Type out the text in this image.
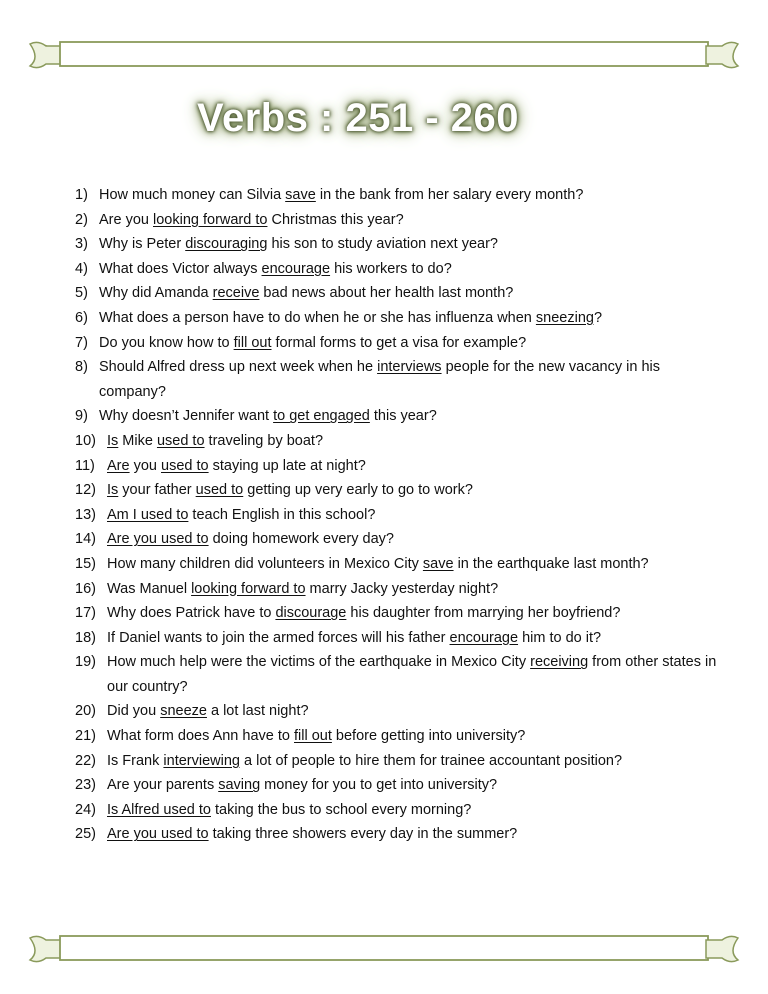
Verbs : 251 - 260
1) How much money can Silvia save in the bank from her salary every month?
2) Are you looking forward to Christmas this year?
3) Why is Peter discouraging his son to study aviation next year?
4) What does Victor always encourage his workers to do?
5) Why did Amanda receive bad news about her health last month?
6) What does a person have to do when he or she has influenza when sneezing?
7) Do you know how to fill out formal forms to get a visa for example?
8) Should Alfred dress up next week when he interviews people for the new vacancy in his company?
9) Why doesn’t Jennifer want to get engaged this year?
10) Is Mike used to traveling by boat?
11) Are you used to staying up late at night?
12) Is your father used to getting up very early to go to work?
13) Am I used to teach English in this school?
14) Are you used to doing homework every day?
15) How many children did volunteers in Mexico City save in the earthquake last month?
16) Was Manuel looking forward to marry Jacky yesterday night?
17) Why does Patrick have to discourage his daughter from marrying her boyfriend?
18) If Daniel wants to join the armed forces will his father encourage him to do it?
19) How much help were the victims of the earthquake in Mexico City receiving from other states in our country?
20) Did you sneeze a lot last night?
21) What form does Ann have to fill out before getting into university?
22) Is Frank interviewing a lot of people to hire them for trainee accountant position?
23) Are your parents saving money for you to get into university?
24) Is Alfred used to taking the bus to school every morning?
25) Are you used to taking three showers every day in the summer?
